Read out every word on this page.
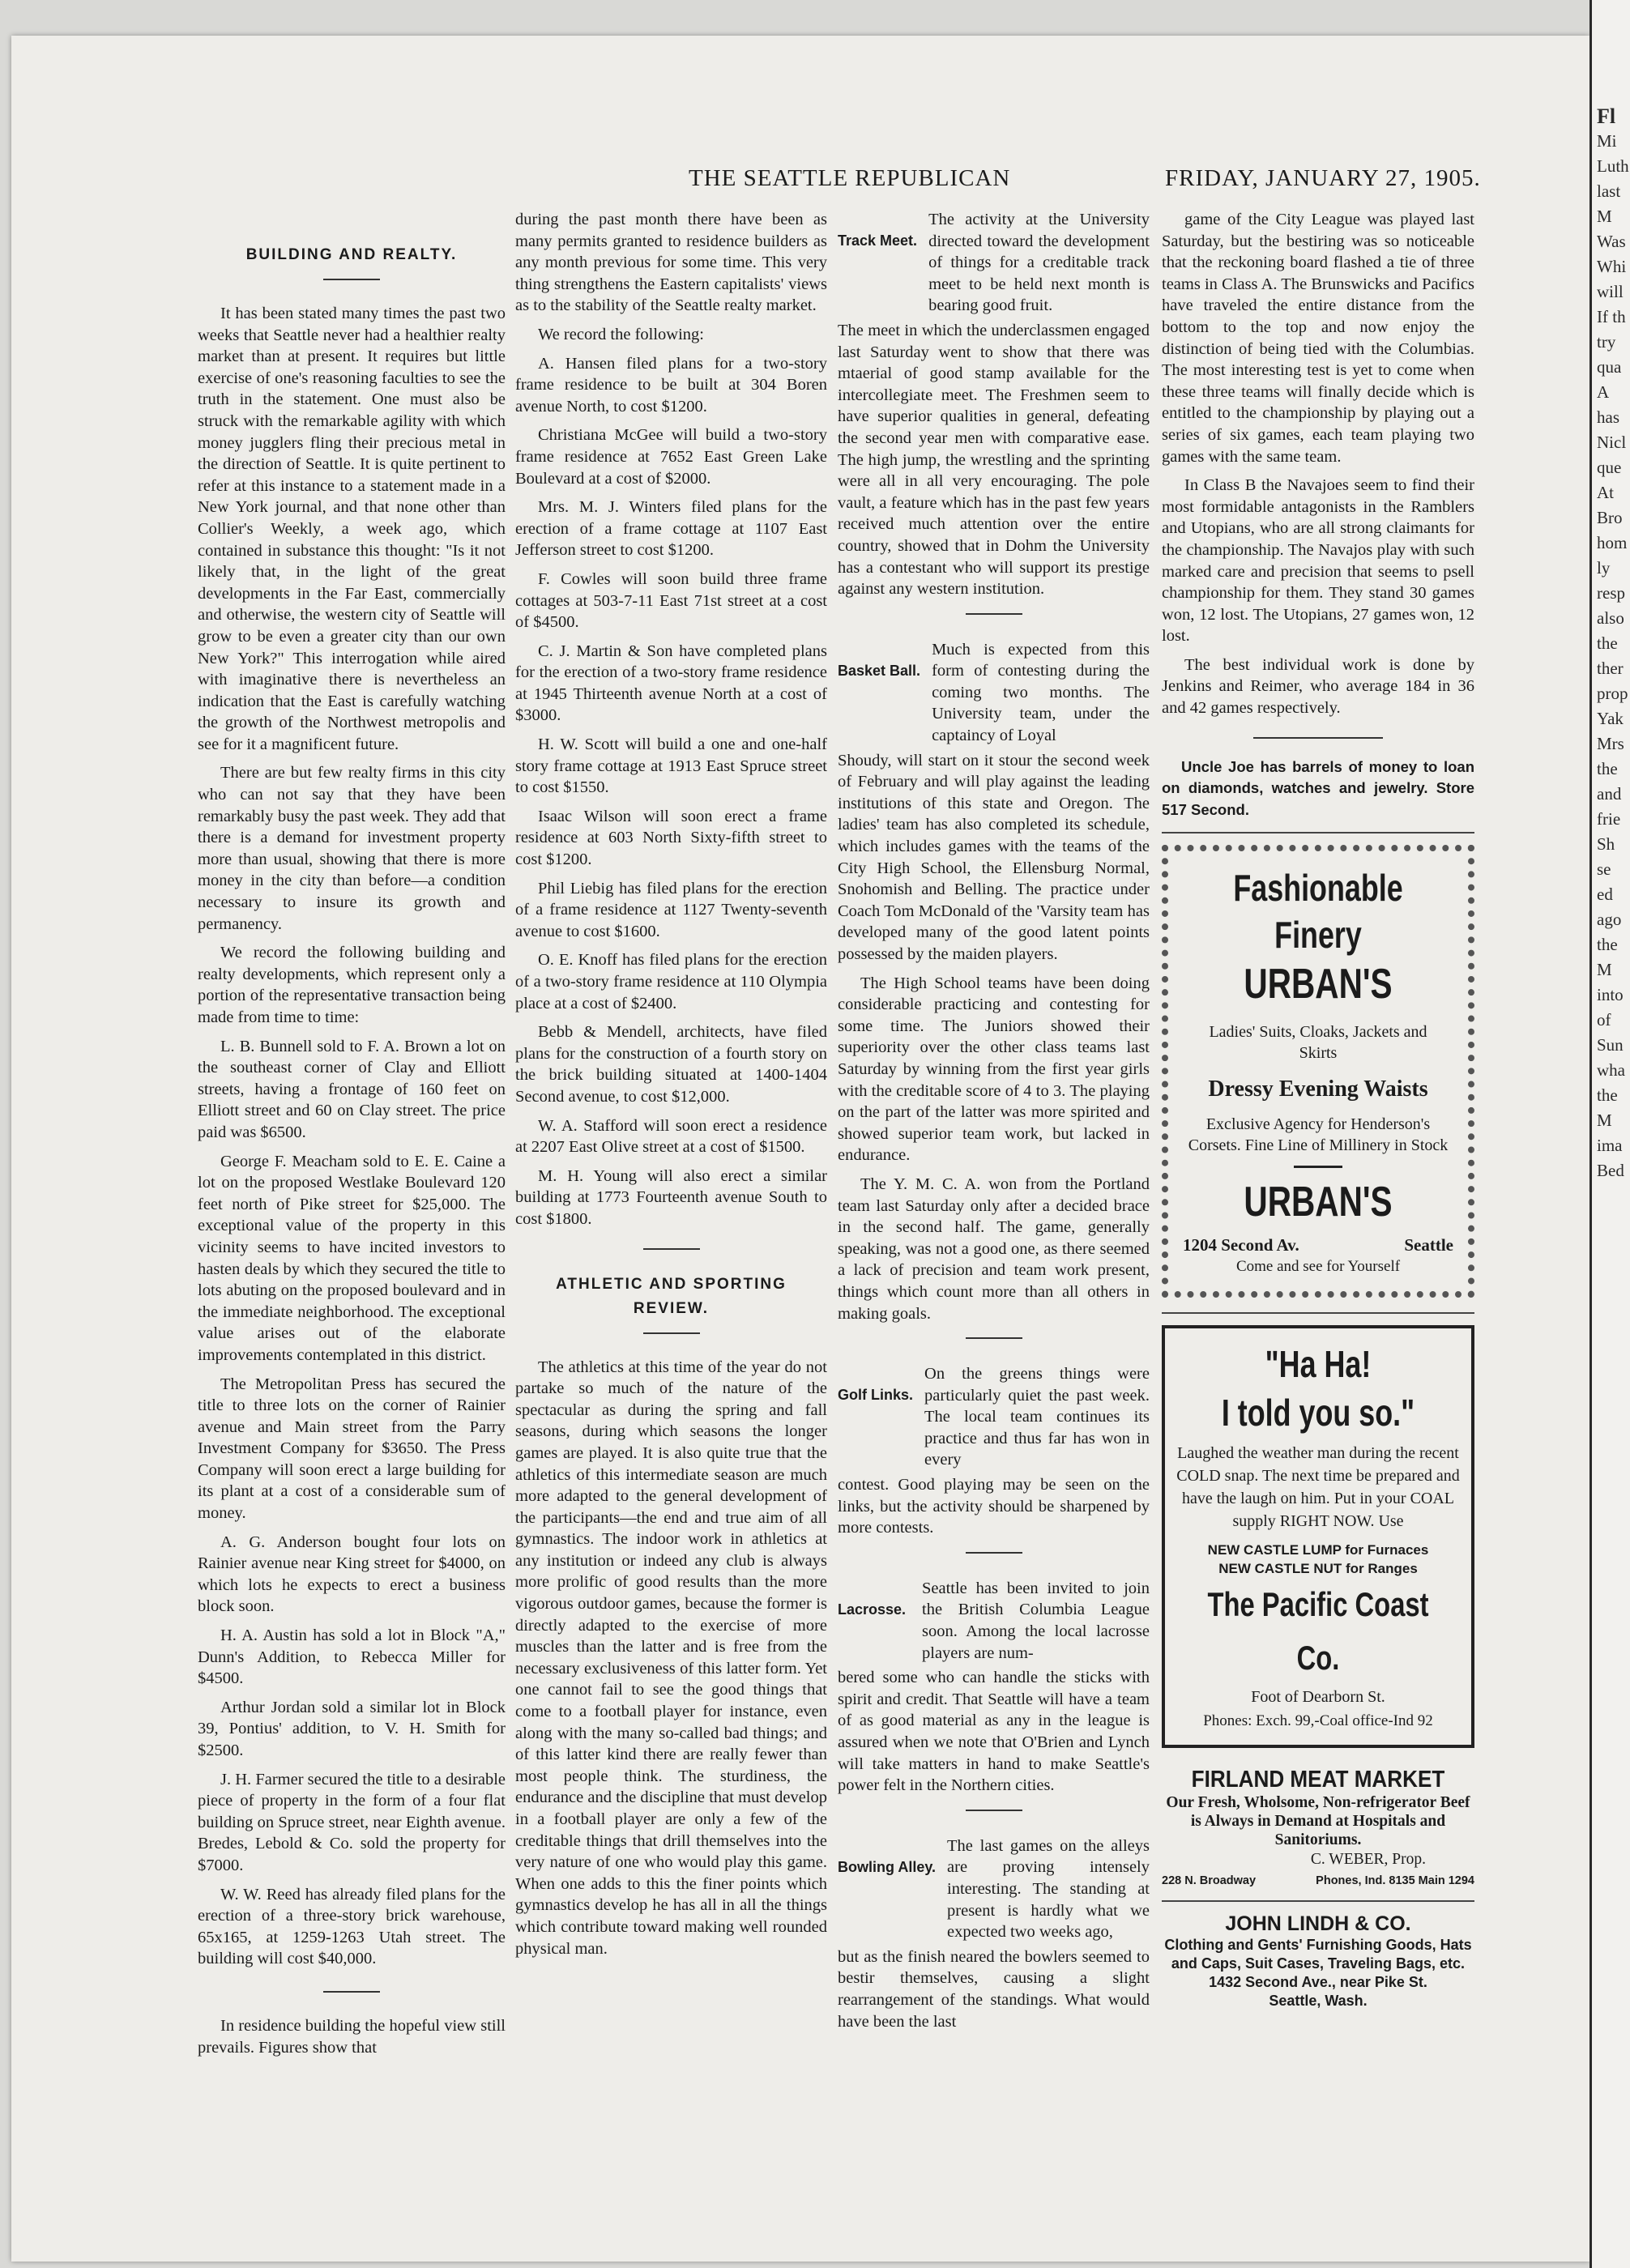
THE SEATTLE REPUBLICAN	FRIDAY, JANUARY 27, 1905.
BUILDING AND REALTY.

It has been stated many times the past two weeks that Seattle never had a healthier realty market than at present. It requires but little exercise of one's reasoning faculties to see the truth in the statement. One must also be struck with the remarkable agility with which money jugglers fling their precious metal in the direction of Seattle. It is quite pertinent to refer at this instance to a statement made in a New York journal, and that none other than Collier's Weekly, a week ago, which contained in substance this thought: "Is it not likely that, in the light of the great developments in the Far East, commercially and otherwise, the western city of Seattle will grow to be even a greater city than our own New York?" This interrogation while aired with imaginative there is nevertheless an indication that the East is carefully watching the growth of the Northwest metropolis and see for it a magnificent future.

There are but few realty firms in this city who can not say that they have been remarkably busy the past week. They add that there is a demand for investment property more than usual, showing that there is more money in the city than before—a condition necessary to insure its growth and permanency.

We record the following building and realty developments, which represent only a portion of the representative transaction being made from time to time:

L. B. Bunnell sold to F. A. Brown a lot on the southeast corner of Clay and Elliott streets, having a frontage of 160 feet on Elliott street and 60 on Clay street. The price paid was $6500.

George F. Meacham sold to E. E. Caine a lot on the proposed Westlake Boulevard 120 feet north of Pike street for $25,000. The exceptional value of the property in this vicinity seems to have incited investors to hasten deals by which they secured the title to lots abuting on the proposed boulevard and in the immediate neighborhood. The exceptional value arises out of the elaborate improvements contemplated in this district.

The Metropolitan Press has secured the title to three lots on the corner of Rainier avenue and Main street from the Parry Investment Company for $3650. The Press Company will soon erect a large building for its plant at a cost of a considerable sum of money.

A. G. Anderson bought four lots on Rainier avenue near King street for $4000, on which lots he expects to erect a business block soon.

H. A. Austin has sold a lot in Block "A," Dunn's Addition, to Rebecca Miller for $4500.

Arthur Jordan sold a similar lot in Block 39, Pontius' addition, to V. H. Smith for $2500.

J. H. Farmer secured the title to a desirable piece of property in the form of a four flat building on Spruce street, near Eighth avenue. Bredes, Lebold & Co. sold the property for $7000.

W. W. Reed has already filed plans for the erection of a three-story brick warehouse, 65x165, at 1259-1263 Utah street. The building will cost $40,000.

In residence building the hopeful view still prevails. Figures show that

during the past month there have been as many permits granted to residence builders as any month previous for some time. This very thing strengthens the Eastern capitalists' views as to the stability of the Seattle realty market.

We record the following:

A. Hansen filed plans for a two-story frame residence to be built at 304 Boren avenue North, to cost $1200.

Christiana McGee will build a two-story frame residence at 7652 East Green Lake Boulevard at a cost of $2000.

Mrs. M. J. Winters filed plans for the erection of a frame cottage at 1107 East Jefferson street to cost $1200.

F. Cowles will soon build three frame cottages at 503-7-11 East 71st street at a cost of $4500.

C. J. Martin & Son have completed plans for the erection of a two-story frame residence at 1945 Thirteenth avenue North at a cost of $3000.

H. W. Scott will build a one and one-half story frame cottage at 1913 East Spruce street to cost $1550.

Isaac Wilson will soon erect a frame residence at 603 North Sixty-fifth street to cost $1200.

Phil Liebig has filed plans for the erection of a frame residence at 1127 Twenty-seventh avenue to cost $1600.

O. E. Knoff has filed plans for the erection of a two-story frame residence at 110 Olympia place at a cost of $2400.

Bebb & Mendell, architects, have filed plans for the construction of a fourth story on the brick building situated at 1400-1404 Second avenue, to cost $12,000.

W. A. Stafford will soon erect a residence at 2207 East Olive street at a cost of $1500.

M. H. Young will also erect a similar building at 1773 Fourteenth avenue South to cost $1800.

ATHLETIC AND SPORTING REVIEW.

The athletics at this time of the year do not partake so much of the nature of the spectacular as during the spring and fall seasons, during which seasons the longer games are played. It is also quite true that the athletics of this intermediate season are much more adapted to the general development of the participants—the end and true aim of all gymnastics. The indoor work in athletics at any institution or indeed any club is always more prolific of good results than the more vigorous outdoor games, because the former is directly adapted to the exercise of more muscles than the latter and is free from the necessary exclusiveness of this latter form. Yet one cannot fail to see the good things that come to a football player for instance, even along with the many so-called bad things; and of this latter kind there are really fewer than most people think. The sturdiness, the endurance and the discipline that must develop in a football player are only a few of the creditable things that drill themselves into the very nature of one who would play this game. When one adds to this the finer points which gymnastics develop he has all in all the things which contribute toward making well rounded physical man.

Track Meet.
The activity at the University directed toward the development of things for a creditable track meet to be held next month is bearing good fruit.

The meet in which the underclassmen engaged last Saturday went to show that there was mtaerial of good stamp available for the intercollegiate meet. The Freshmen seem to have superior qualities in general, defeating the second year men with comparative ease. The high jump, the wrestling and the sprinting were all in all very encouraging. The pole vault, a feature which has in the past few years received much attention over the entire country, showed that in Dohm the University has a contestant who will support its prestige against any western institution.

Basket Ball.
Much is expected from this form of contesting during the coming two months. The University team, under the captaincy of Loyal

Shoudy, will start on it stour the second week of February and will play against the leading institutions of this state and Oregon. The ladies' team has also completed its schedule, which includes games with the teams of the City High School, the Ellensburg Normal, Snohomish and Belling. The practice under Coach Tom McDonald of the 'Varsity team has developed many of the good latent points possessed by the maiden players.

The High School teams have been doing considerable practicing and contesting for some time. The Juniors showed their superiority over the other class teams last Saturday by winning from the first year girls with the creditable score of 4 to 3. The playing on the part of the latter was more spirited and showed superior team work, but lacked in endurance.

The Y. M. C. A. won from the Portland team last Saturday only after a decided brace in the second half. The game, generally speaking, was not a good one, as there seemed a lack of precision and team work present, things which count more than all others in making goals.

Golf Links.
On the greens things were particularly quiet the past week. The local team continues its practice and thus far has won in every

contest. Good playing may be seen on the links, but the activity should be sharpened by more contests.

Lacrosse.
Seattle has been invited to join the British Columbia League soon. Among the local lacrosse players are num-

bered some who can handle the sticks with spirit and credit. That Seattle will have a team of as good material as any in the league is assured when we note that O'Brien and Lynch will take matters in hand to make Seattle's power felt in the Northern cities.

Bowling Alley.
The last games on the alleys are proving intensely interesting. The standing at present is hardly what we expected two weeks ago,

but as the finish neared the bowlers seemed to bestir themselves, causing a slight rearrangement of the standings. What would have been the last

game of the City League was played last Saturday, but the bestiring was so noticeable that the reckoning board flashed a tie of three teams in Class A. The Brunswicks and Pacifics have traveled the entire distance from the bottom to the top and now enjoy the distinction of being tied with the Columbias. The most interesting test is yet to come when these three teams will finally decide which is entitled to the championship by playing out a series of six games, each team playing two games with the same team.

In Class B the Navajoes seem to find their most formidable antagonists in the Ramblers and Utopians, who are all strong claimants for the championship. The Navajos play with such marked care and precision that seems to psell championship for them. They stand 30 games won, 12 lost. The Utopians, 27 games won, 12 lost.

The best individual work is done by Jenkins and Reimer, who average 184 in 36 and 42 games respectively.

Uncle Joe has barrels of money to loan on diamonds, watches and jewelry. Store 517 Second.

Fashionable Finery
URBAN'S
Ladies' Suits, Cloaks, Jackets and Skirts
Dressy Evening Waists
Exclusive Agency for Henderson's Corsets. Fine Line of Millinery in Stock
URBAN'S
1204 Second Av.	Seattle
Come and see for Yourself
"Ha Ha!
I told you so."
Laughed the weather man during the recent COLD snap. The next time be prepared and have the laugh on him. Put in your COAL supply RIGHT NOW. Use
NEW CASTLE LUMP for Furnaces
NEW CASTLE NUT for Ranges
The Pacific Coast Co.
Foot of Dearborn St.
Phones: Exch. 99,-Coal office-Ind 92
FIRLAND MEAT MARKET
Our Fresh, Wholsome, Non-refrigerator Beef is Always in Demand at Hospitals and Sanitoriums.
C. WEBER, Prop.
228 N. Broadway	Phones, Ind. 8135 Main 1294
JOHN LINDH & CO.
Clothing and Gents' Furnishing Goods, Hats and Caps, Suit Cases, Traveling Bags, etc.
1432 Second Ave., near Pike St.
Seattle, Wash.
Fl
Mi
Luth
last
M
Was
Whi
will
If th
try
qua
A
has
Nicl
que
At
Bro
hom
ly
resp
also
the
ther
prop
Yak
Mrs
the
and
frie
Sh
se
ed
ago
the
M
into
of
Sun
wha
the
M
ima
Bed
